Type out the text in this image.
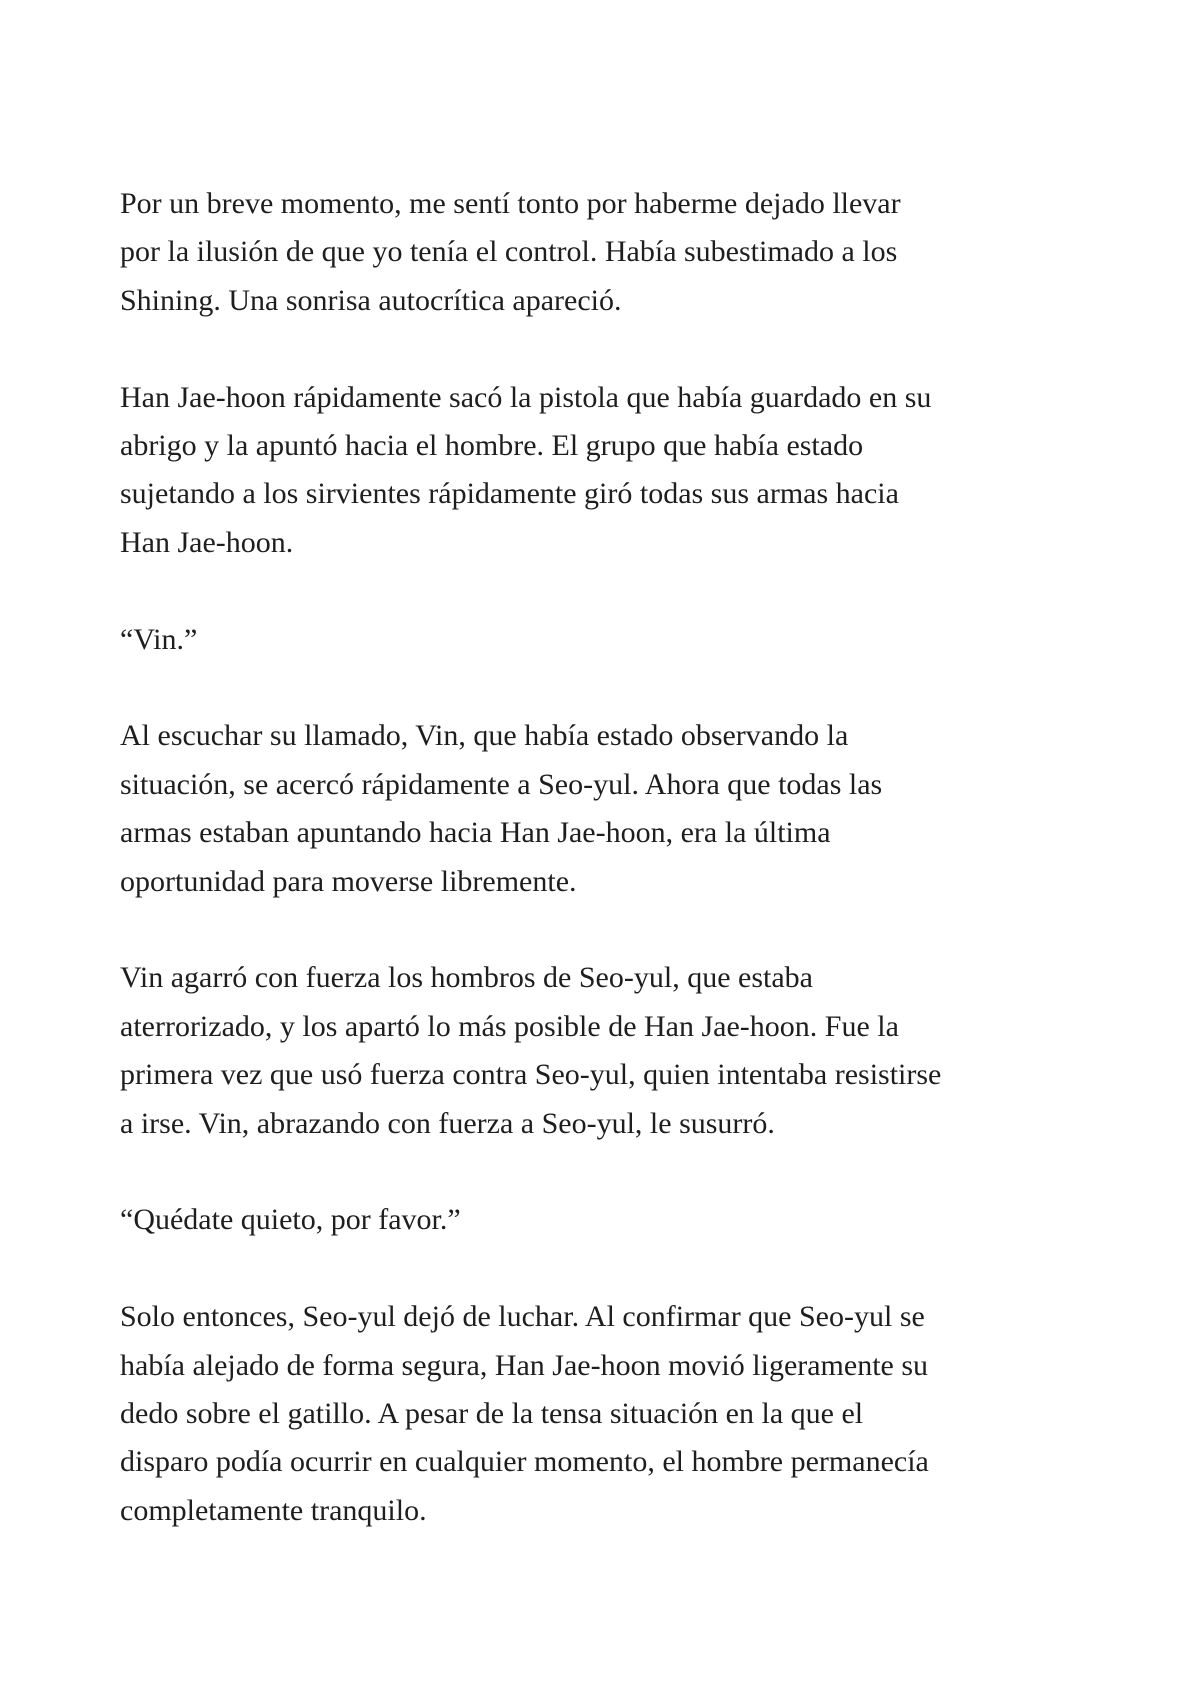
Por un breve momento, me sentí tonto por haberme dejado llevar
por la ilusión de que yo tenía el control. Había subestimado a los
Shining. Una sonrisa autocrítica apareció.

Han Jae-hoon rápidamente sacó la pistola que había guardado en su
abrigo y la apuntó hacia el hombre. El grupo que había estado
sujetando a los sirvientes rápidamente giró todas sus armas hacia
Han Jae-hoon.

“Vin.”

Al escuchar su llamado, Vin, que había estado observando la
situación, se acercó rápidamente a Seo-yul. Ahora que todas las
armas estaban apuntando hacia Han Jae-hoon, era la última
oportunidad para moverse libremente.

Vin agarró con fuerza los hombros de Seo-yul, que estaba
aterrorizado, y los apartó lo más posible de Han Jae-hoon. Fue la
primera vez que usó fuerza contra Seo-yul, quien intentaba resistirse
a irse. Vin, abrazando con fuerza a Seo-yul, le susurró.

“Quédate quieto, por favor.”

Solo entonces, Seo-yul dejó de luchar. Al confirmar que Seo-yul se
había alejado de forma segura, Han Jae-hoon movió ligeramente su
dedo sobre el gatillo. A pesar de la tensa situación en la que el
disparo podía ocurrir en cualquier momento, el hombre permanecía
completamente tranquilo.
